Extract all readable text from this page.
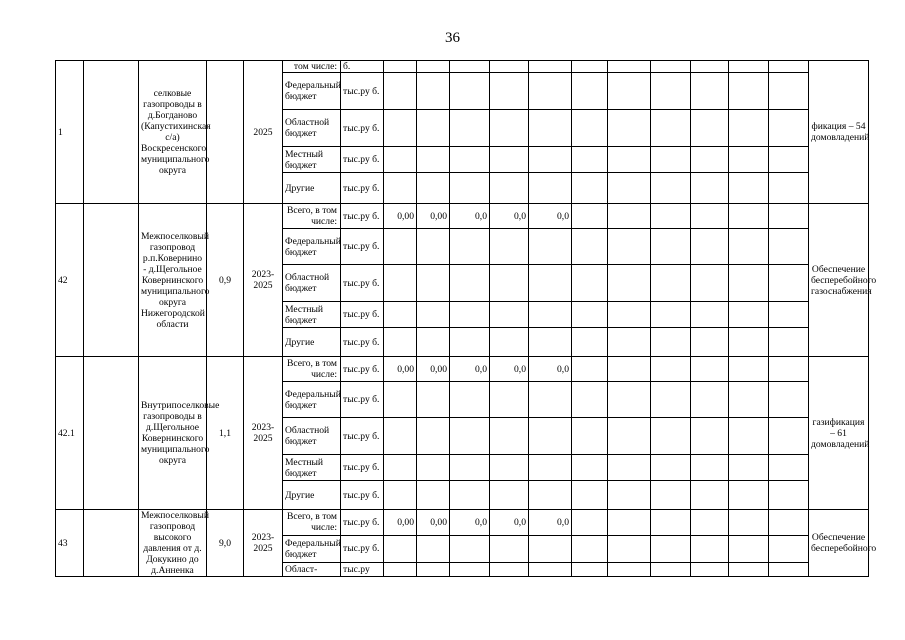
36
1		селковые газопроводы в д.Богданово (Капустихинская с/а) Воскресенского муниципального округа		2025	том числе:	б.												фикация – 54 домовладений
					Федеральный бюджет	тыс.ру б.												
					Областной бюджет	тыс.ру б.												
					Местный бюджет	тыс.ру б.												
					Другие	тыс.ру б.												
42		Межпоселковый газопровод р.п.Ковернино - д.Щегольное Ковернинского муниципального округа Нижегородской области	0,9	2023-2025	Всего, в том числе:	тыс.ру б.	0,00	0,00	0,0	0,0	0,0							Обеспечение бесперебойного газоснабжения
					Федеральный бюджет	тыс.ру б.												
					Областной бюджет	тыс.ру б.												
					Местный бюджет	тыс.ру б.												
					Другие	тыс.ру б.												
42.1		Внутрипоселковые газопроводы в д.Щегольное Ковернинского муниципального округа	1,1	2023-2025	Всего, в том числе:	тыс.ру б.	0,00	0,00	0,0	0,0	0,0							газификация – 61 домовладений
					Федеральный бюджет	тыс.ру б.												
					Областной бюджет	тыс.ру б.												
					Местный бюджет	тыс.ру б.												
					Другие	тыс.ру б.												
43		Межпоселковый газопровод высокого давления от д. Докукино до д.Анненка	9,0	2023-2025	Всего, в том числе:	тыс.ру б.	0,00	0,00	0,0	0,0	0,0							Обеспечение бесперебойного
					Федеральный бюджет	тыс.ру б.												
					Област-	тыс.ру												
